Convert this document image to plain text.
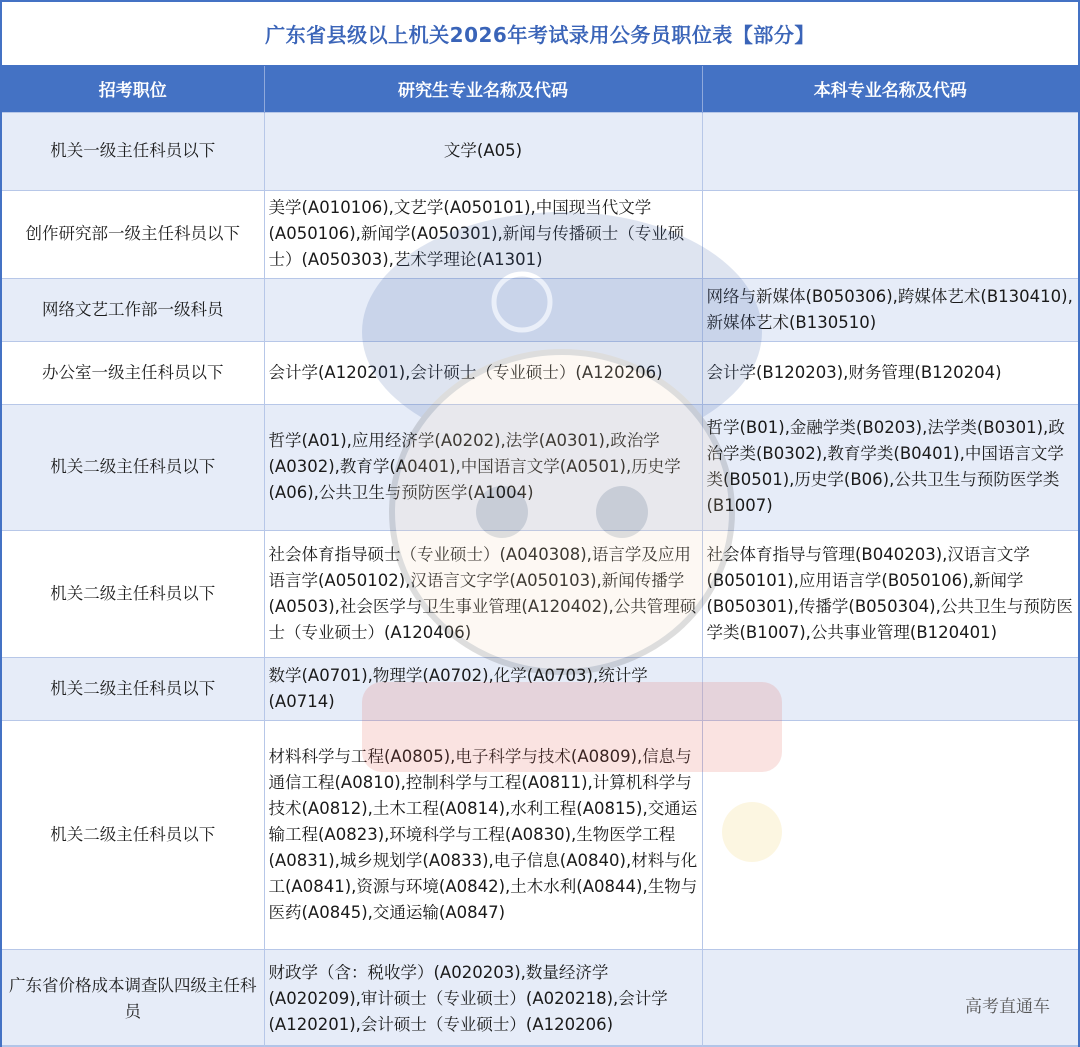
广东省县级以上机关2026年考试录用公务员职位表【部分】
招考职位	研究生专业名称及代码	本科专业名称及代码
机关一级主任科员以下	文学(A05)	
创作研究部一级主任科员以下	美学(A010106),文艺学(A050101),中国现当代文学(A050106),新闻学(A050301),新闻与传播硕士（专业硕士）(A050303),艺术学理论(A1301)	
网络文艺工作部一级科员		网络与新媒体(B050306),跨媒体艺术(B130410),新媒体艺术(B130510)
办公室一级主任科员以下	会计学(A120201),会计硕士（专业硕士）(A120206)	会计学(B120203),财务管理(B120204)
机关二级主任科员以下	哲学(A01),应用经济学(A0202),法学(A0301),政治学(A0302),教育学(A0401),中国语言文学(A0501),历史学(A06),公共卫生与预防医学(A1004)	哲学(B01),金融学类(B0203),法学类(B0301),政治学类(B0302),教育学类(B0401),中国语言文学类(B0501),历史学(B06),公共卫生与预防医学类(B1007)
机关二级主任科员以下	社会体育指导硕士（专业硕士）(A040308),语言学及应用语言学(A050102),汉语言文字学(A050103),新闻传播学(A0503),社会医学与卫生事业管理(A120402),公共管理硕士（专业硕士）(A120406)	社会体育指导与管理(B040203),汉语言文学(B050101),应用语言学(B050106),新闻学(B050301),传播学(B050304),公共卫生与预防医学类(B1007),公共事业管理(B120401)
机关二级主任科员以下	数学(A0701),物理学(A0702),化学(A0703),统计学(A0714)	
机关二级主任科员以下	材料科学与工程(A0805),电子科学与技术(A0809),信息与通信工程(A0810),控制科学与工程(A0811),计算机科学与技术(A0812),土木工程(A0814),水利工程(A0815),交通运输工程(A0823),环境科学与工程(A0830),生物医学工程(A0831),城乡规划学(A0833),电子信息(A0840),材料与化工(A0841),资源与环境(A0842),土木水利(A0844),生物与医药(A0845),交通运输(A0847)	
广东省价格成本调查队四级主任科员	财政学（含：税收学）(A020203),数量经济学(A020209),审计硕士（专业硕士）(A020218),会计学(A120201),会计硕士（专业硕士）(A120206)	
高考直通车
